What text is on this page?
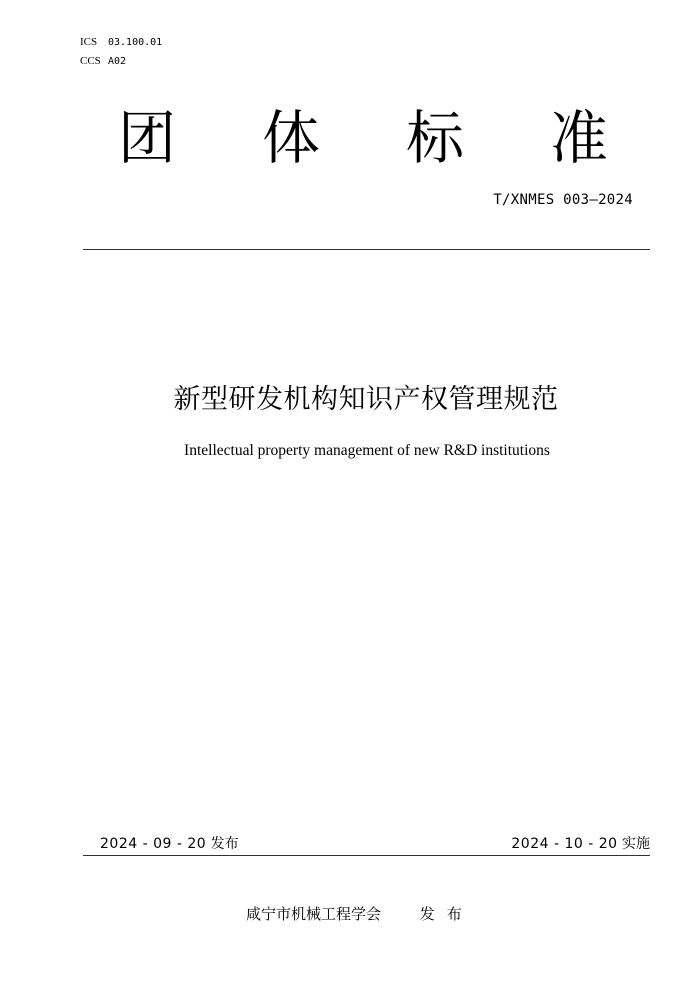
ICS 03.100.01
CCS A02
团 体 标 准
T/XNMES 003—2024
新型研发机构知识产权管理规范
Intellectual property management of new R&D institutions
2024 - 09 - 20 发布	2024 - 10 - 20 实施
咸宁市机械工程学会	发布
